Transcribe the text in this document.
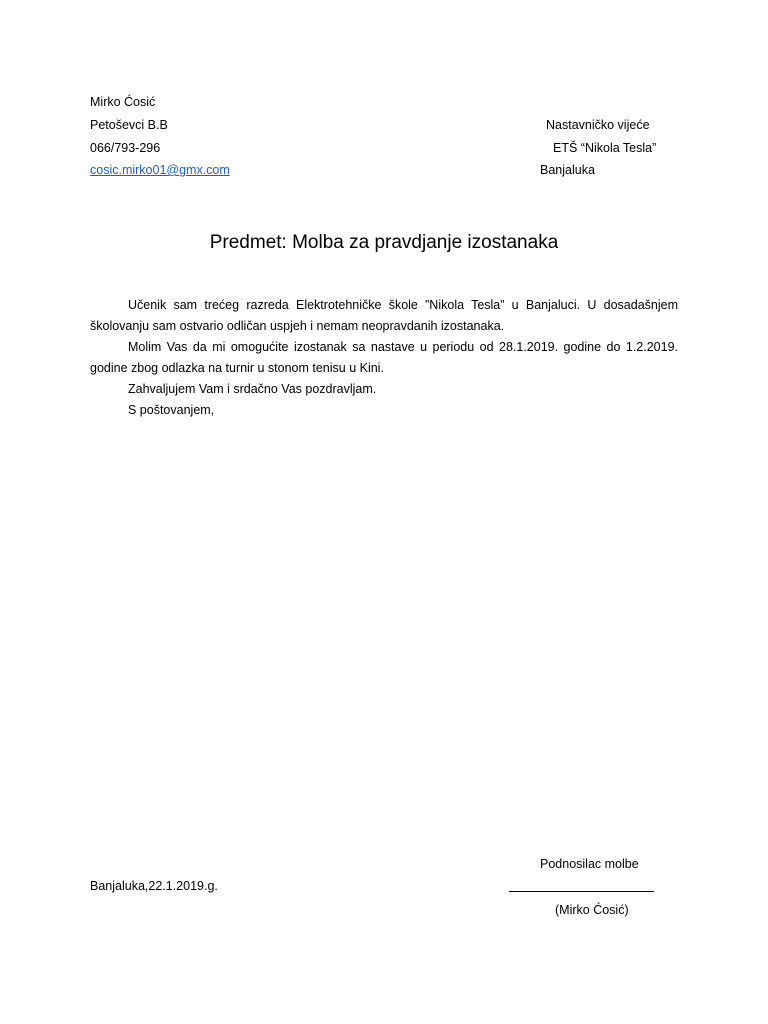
Mirko Ćosić
Petoševci B.B
066/793-296
cosic.mirko01@gmx.com
Nastavničko vijeće
ETŠ “Nikola Tesla”
Banjaluka
Predmet: Molba za pravdjanje izostanaka

Učenik sam trećeg razreda Elektrotehničke škole ”Nikola Tesla” u Banjaluci. U dosadašnjem školovanju sam ostvario odličan uspjeh i nemam neopravdanih izostanaka.

Molim Vas da mi omogućite izostanak sa nastave u periodu od 28.1.2019. godine do 1.2.2019. godine zbog odlazka na turnir u stonom tenisu u Kini.

Zahvaljujem Vam i srdačno Vas pozdravljam.

S poštovanjem,

Podnosilac molbe
Banjaluka,22.1.2019.g.
(Mirko Ćosić)
